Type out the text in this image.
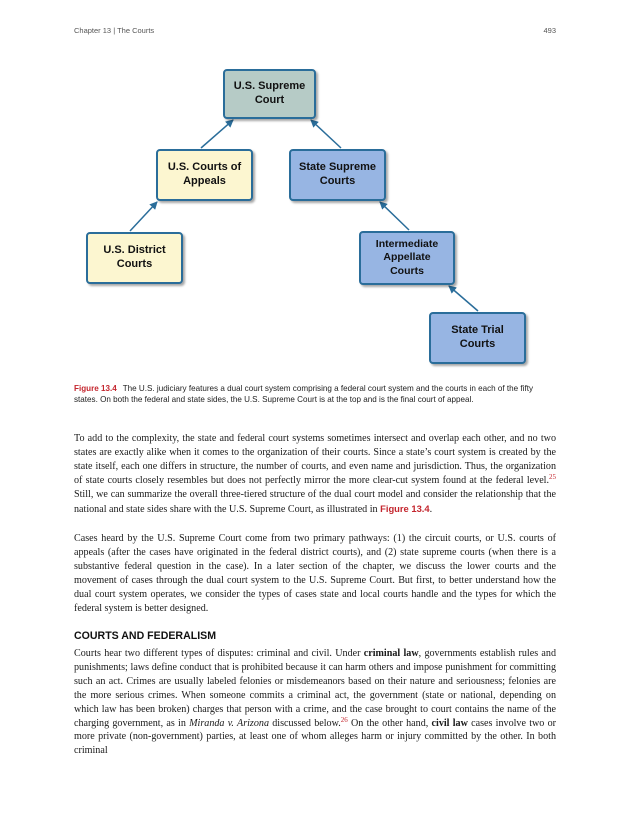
Chapter 13 | The Courts	493
U.S. Supreme Court
U.S. Courts of Appeals
State Supreme Courts
U.S. District Courts
Intermediate Appellate Courts
State Trial Courts
Figure 13.4 The U.S. judiciary features a dual court system comprising a federal court system and the courts in each of the fifty states. On both the federal and state sides, the U.S. Supreme Court is at the top and is the final court of appeal.

To add to the complexity, the state and federal court systems sometimes intersect and overlap each other, and no two states are exactly alike when it comes to the organization of their courts. Since a state’s court system is created by the state itself, each one differs in structure, the number of courts, and even name and jurisdiction. Thus, the organization of state courts closely resembles but does not perfectly mirror the more clear-cut system found at the federal level.$^{25}$ Still, we can summarize the overall three-tiered structure of the dual court model and consider the relationship that the national and state sides share with the U.S. Supreme Court, as illustrated in Figure 13.4.

Cases heard by the U.S. Supreme Court come from two primary pathways: (1) the circuit courts, or U.S. courts of appeals (after the cases have originated in the federal district courts), and (2) state supreme courts (when there is a substantive federal question in the case). In a later section of the chapter, we discuss the lower courts and the movement of cases through the dual court system to the U.S. Supreme Court. But first, to better understand how the dual court system operates, we consider the types of cases state and local courts handle and the types for which the federal system is better designed.

COURTS AND FEDERALISM

Courts hear two different types of disputes: criminal and civil. Under criminal law, governments establish rules and punishments; laws define conduct that is prohibited because it can harm others and impose punishment for committing such an act. Crimes are usually labeled felonies or misdemeanors based on their nature and seriousness; felonies are the more serious crimes. When someone commits a criminal act, the government (state or national, depending on which law has been broken) charges that person with a crime, and the case brought to court contains the name of the charging government, as in Miranda v. Arizona discussed below.$^{26}$ On the other hand, civil law cases involve two or more private (non-government) parties, at least one of whom alleges harm or injury committed by the other. In both criminal
